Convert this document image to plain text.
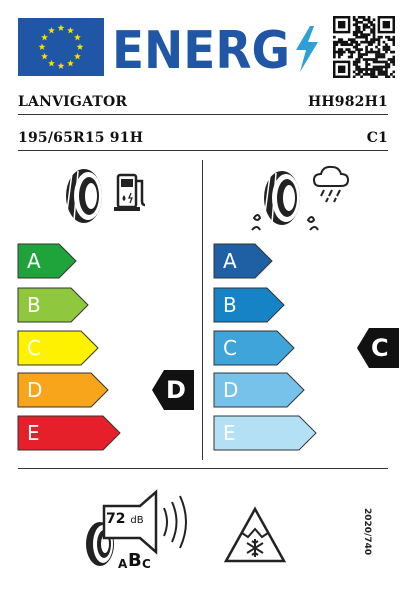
ENERG
LANVIGATOR	HH982H1
195/65R15 91H	C1
A
B
C
D
E
D
A
B
C
D
E
C
72 dB
A B C
2020/740
